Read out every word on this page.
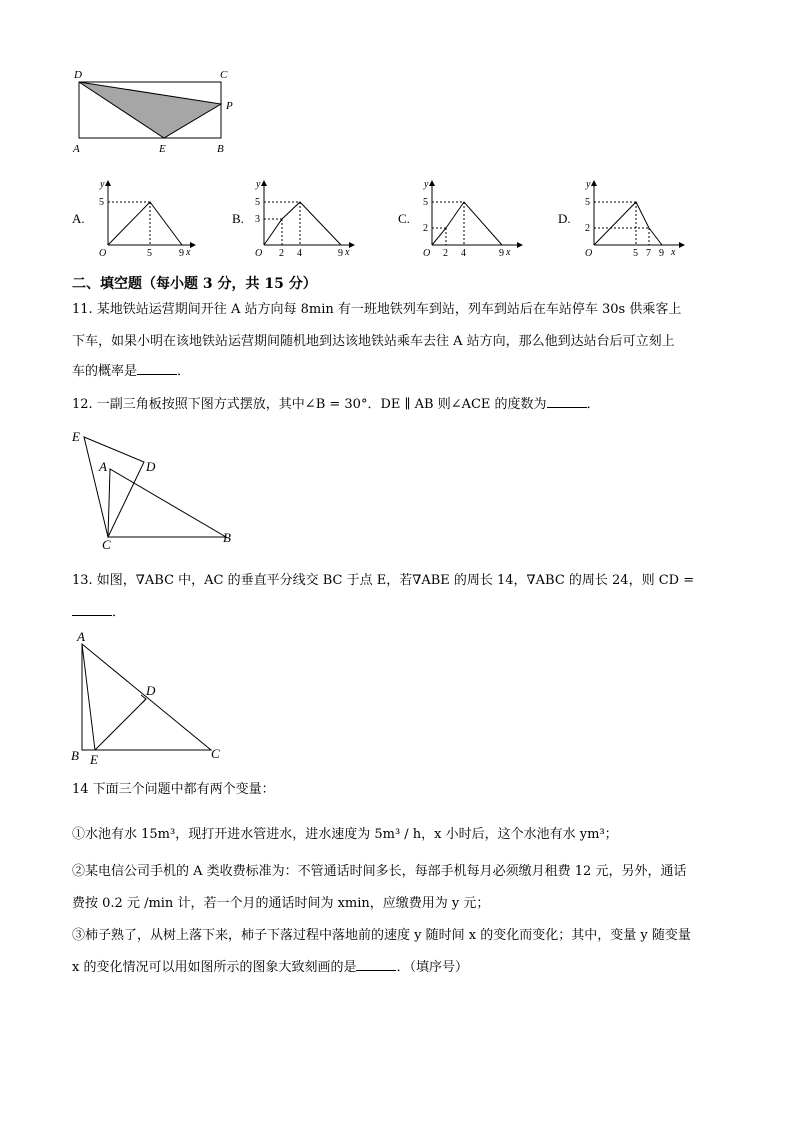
D	C
P
A	E	B
A.
y
x
O
5
5	9
B.
y
x
O
5
3
2 4	9
C.
y
x
O
5
2
2 4	9
D.
y
x
O
5
2
5 7 9
二、填空题（每小题 3 分，共 15 分）
11. 某地铁站运营期间开往 A 站方向每 8min 有一班地铁列车到站，列车到站后在车站停车 30s 供乘客上
下车，如果小明在该地铁站运营期间随机地到达该地铁站乘车去往 A 站方向，那么他到达站台后可立刻上
车的概率是	．
12. 一副三角板按照下图方式摆放，其中∠B = 30°．DE ∥ AB 则∠ACE 的度数为	．
E
A	D
C	B
13. 如图，∇ABC 中，AC 的垂直平分线交 BC 于点 E，若∇ABE 的周长 14，∇ABC 的周长 24，则 CD =
．
A
D
B E	C
14 下面三个问题中都有两个变量：
①水池有水 15m³，现打开进水管进水，进水速度为 5m³ / h，x 小时后，这个水池有水 ym³；
②某电信公司手机的 A 类收费标准为：不管通话时间多长，每部手机每月必须缴月租费 12 元，另外，通话
费按 0.2 元 /min 计，若一个月的通话时间为 xmin，应缴费用为 y 元；
③柿子熟了，从树上落下来，柿子下落过程中落地前的速度 y 随时间 x 的变化而变化；其中，变量 y 随变量
x 的变化情况可以用如图所示的图象大致刻画的是	．（填序号）
